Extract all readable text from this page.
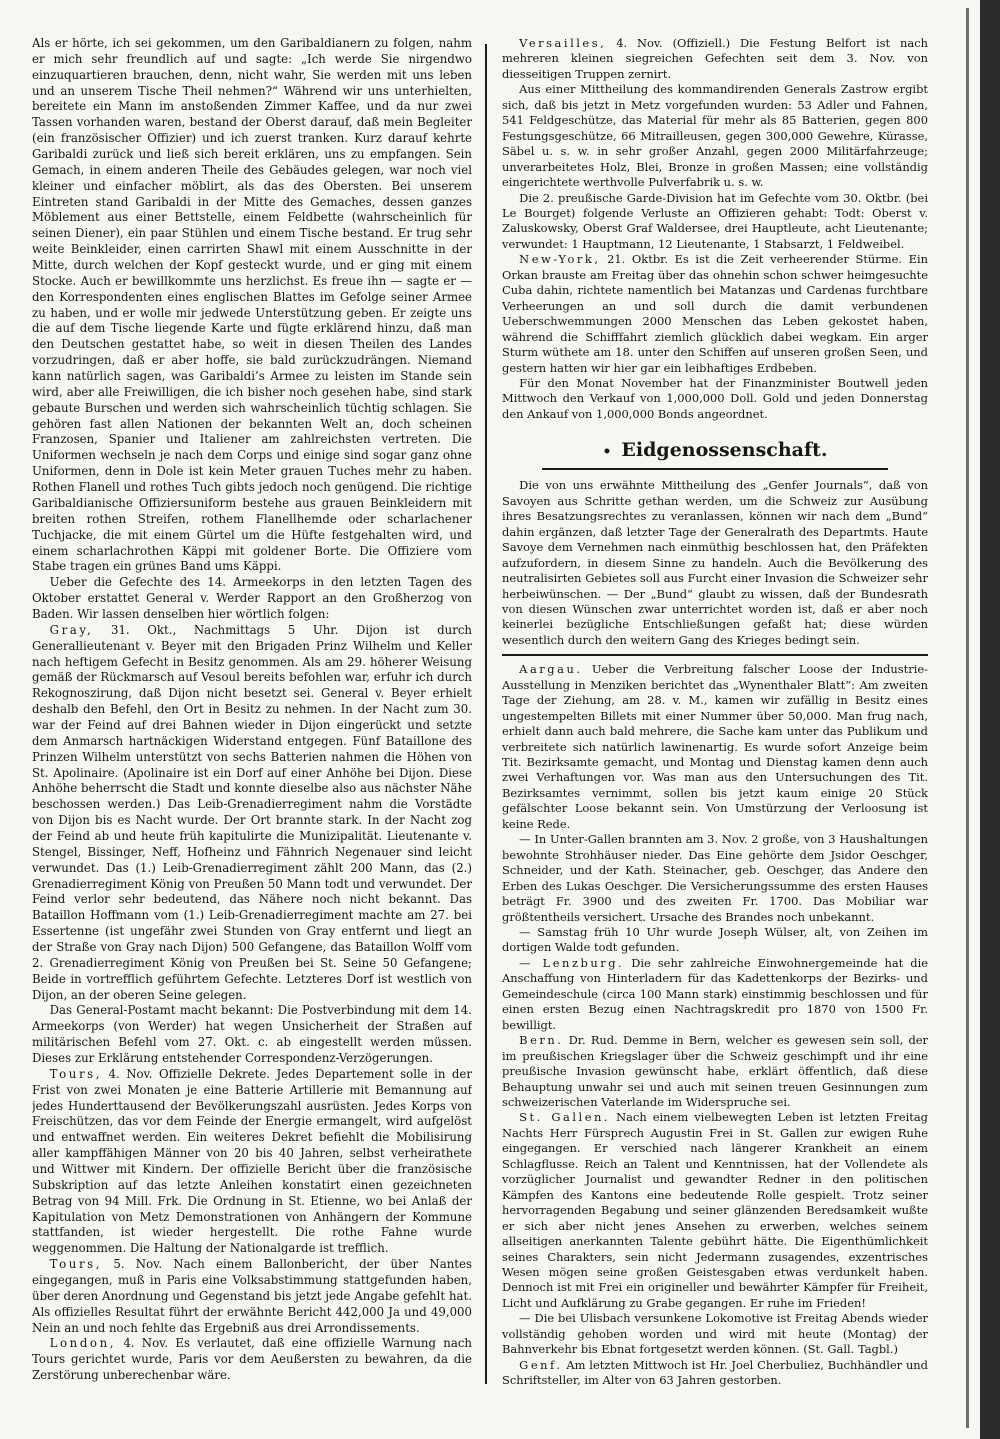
Als er hörte, ich sei gekommen, um den Garibaldianern zu folgen, nahm er mich sehr freundlich auf und sagte: „Ich werde Sie nirgendwo einzuquartieren brauchen, denn, nicht wahr, Sie werden mit uns leben und an unserem Tische Theil nehmen?“ Während wir uns unterhielten, bereitete ein Mann im anstoßenden Zimmer Kaffee, und da nur zwei Tassen vorhanden waren, bestand der Oberst darauf, daß mein Begleiter (ein französischer Offizier) und ich zuerst tranken. Kurz darauf kehrte Garibaldi zurück und ließ sich bereit erklären, uns zu empfangen. Sein Gemach, in einem anderen Theile des Gebäudes gelegen, war noch viel kleiner und einfacher möblirt, als das des Obersten. Bei unserem Eintreten stand Garibaldi in der Mitte des Gemaches, dessen ganzes Möblement aus einer Bettstelle, einem Feldbette (wahrscheinlich für seinen Diener), ein paar Stühlen und einem Tische bestand. Er trug sehr weite Beinkleider, einen carrirten Shawl mit einem Ausschnitte in der Mitte, durch welchen der Kopf gesteckt wurde, und er ging mit einem Stocke. Auch er bewillkommte uns herzlichst. Es freue ihn — sagte er — den Korrespondenten eines englischen Blattes im Gefolge seiner Armee zu haben, und er wolle mir jedwede Unterstützung geben. Er zeigte uns die auf dem Tische liegende Karte und fügte erklärend hinzu, daß man den Deutschen gestattet habe, so weit in diesen Theilen des Landes vorzudringen, daß er aber hoffe, sie bald zurückzudrängen. Niemand kann natürlich sagen, was Garibaldi’s Armee zu leisten im Stande sein wird, aber alle Freiwilligen, die ich bisher noch gesehen habe, sind stark gebaute Burschen und werden sich wahrscheinlich tüchtig schlagen. Sie gehören fast allen Nationen der bekannten Welt an, doch scheinen Franzosen, Spanier und Italiener am zahlreichsten vertreten. Die Uniformen wechseln je nach dem Corps und einige sind sogar ganz ohne Uniformen, denn in Dole ist kein Meter grauen Tuches mehr zu haben. Rothen Flanell und rothes Tuch gibts jedoch noch genügend. Die richtige Garibaldianische Offiziersuniform bestehe aus grauen Beinkleidern mit breiten rothen Streifen, rothem Flanellhemde oder scharlachener Tuchjacke, die mit einem Gürtel um die Hüfte festgehalten wird, und einem scharlachrothen Käppi mit goldener Borte. Die Offiziere vom Stabe tragen ein grünes Band ums Käppi.

Ueber die Gefechte des 14. Armeekorps in den letzten Tagen des Oktober erstattet General v. Werder Rapport an den Großherzog von Baden. Wir lassen denselben hier wörtlich folgen:

Gray, 31. Okt., Nachmittags 5 Uhr. Dijon ist durch Generallieutenant v. Beyer mit den Brigaden Prinz Wilhelm und Keller nach heftigem Gefecht in Besitz genommen. Als am 29. höherer Weisung gemäß der Rückmarsch auf Vesoul bereits befohlen war, erfuhr ich durch Rekognoszirung, daß Dijon nicht besetzt sei. General v. Beyer erhielt deshalb den Befehl, den Ort in Besitz zu nehmen. In der Nacht zum 30. war der Feind auf drei Bahnen wieder in Dijon eingerückt und setzte dem Anmarsch hartnäckigen Widerstand entgegen. Fünf Bataillone des Prinzen Wilhelm unterstützt von sechs Batterien nahmen die Höhen von St. Apolinaire. (Apolinaire ist ein Dorf auf einer Anhöhe bei Dijon. Diese Anhöhe beherrscht die Stadt und konnte dieselbe also aus nächster Nähe beschossen werden.) Das Leib-Grenadierregiment nahm die Vorstädte von Dijon bis es Nacht wurde. Der Ort brannte stark. In der Nacht zog der Feind ab und heute früh kapitulirte die Munizipalität. Lieutenante v. Stengel, Bissinger, Neff, Hofheinz und Fähnrich Negenauer sind leicht verwundet. Das (1.) Leib-Grenadierregiment zählt 200 Mann, das (2.) Grenadierregiment König von Preußen 50 Mann todt und verwundet. Der Feind verlor sehr bedeutend, das Nähere noch nicht bekannt. Das Bataillon Hoffmann vom (1.) Leib-Grenadierregiment machte am 27. bei Essertenne (ist ungefähr zwei Stunden von Gray entfernt und liegt an der Straße von Gray nach Dijon) 500 Gefangene, das Bataillon Wolff vom 2. Grenadierregiment König von Preußen bei St. Seine 50 Gefangene; Beide in vortrefflich geführtem Gefechte. Letzteres Dorf ist westlich von Dijon, an der oberen Seine gelegen.

Das General-Postamt macht bekannt: Die Postverbindung mit dem 14. Armeekorps (von Werder) hat wegen Unsicherheit der Straßen auf militärischen Befehl vom 27. Okt. c. ab eingestellt werden müssen. Dieses zur Erklärung entstehender Correspondenz-Verzögerungen.

Tours, 4. Nov. Offizielle Dekrete. Jedes Departement solle in der Frist von zwei Monaten je eine Batterie Artillerie mit Bemannung auf jedes Hunderttausend der Bevölkerungszahl ausrüsten. Jedes Korps von Freischützen, das vor dem Feinde der Energie ermangelt, wird aufgelöst und entwaffnet werden. Ein weiteres Dekret befiehlt die Mobilisirung aller kampffähigen Männer von 20 bis 40 Jahren, selbst verheirathete und Wittwer mit Kindern. Der offizielle Bericht über die französische Subskription auf das letzte Anleihen konstatirt einen gezeichneten Betrag von 94 Mill. Frk. Die Ordnung in St. Etienne, wo bei Anlaß der Kapitulation von Metz Demonstrationen von Anhängern der Kommune stattfanden, ist wieder hergestellt. Die rothe Fahne wurde weggenommen. Die Haltung der Nationalgarde ist trefflich.

Tours, 5. Nov. Nach einem Ballonbericht, der über Nantes eingegangen, muß in Paris eine Volksabstimmung stattgefunden haben, über deren Anordnung und Gegenstand bis jetzt jede Angabe gefehlt hat. Als offizielles Resultat führt der erwähnte Bericht 442,000 Ja und 49,000 Nein an und noch fehlte das Ergebniß aus drei Arrondissements.

London, 4. Nov. Es verlautet, daß eine offizielle Warnung nach Tours gerichtet wurde, Paris vor dem Aeußersten zu bewahren, da die Zerstörung unberechenbar wäre.

Versailles, 4. Nov. (Offiziell.) Die Festung Belfort ist nach mehreren kleinen siegreichen Gefechten seit dem 3. Nov. von diesseitigen Truppen zernirt.

Aus einer Mittheilung des kommandirenden Generals Zastrow ergibt sich, daß bis jetzt in Metz vorgefunden wurden: 53 Adler und Fahnen, 541 Feldgeschütze, das Material für mehr als 85 Batterien, gegen 800 Festungsgeschütze, 66 Mitrailleusen, gegen 300,000 Gewehre, Kürasse, Säbel u. s. w. in sehr großer Anzahl, gegen 2000 Militärfahrzeuge; unverarbeitetes Holz, Blei, Bronze in großen Massen; eine vollständig eingerichtete werthvolle Pulverfabrik u. s. w.

Die 2. preußische Garde-Division hat im Gefechte vom 30. Oktbr. (bei Le Bourget) folgende Verluste an Offizieren gehabt: Todt: Oberst v. Zaluskowsky, Oberst Graf Waldersee, drei Hauptleute, acht Lieutenante; verwundet: 1 Hauptmann, 12 Lieutenante, 1 Stabsarzt, 1 Feldweibel.

New-York, 21. Oktbr. Es ist die Zeit verheerender Stürme. Ein Orkan brauste am Freitag über das ohnehin schon schwer heimgesuchte Cuba dahin, richtete namentlich bei Matanzas und Cardenas furchtbare Verheerungen an und soll durch die damit verbundenen Ueberschwemmungen 2000 Menschen das Leben gekostet haben, während die Schifffahrt ziemlich glücklich dabei wegkam. Ein arger Sturm wüthete am 18. unter den Schiffen auf unseren großen Seen, und gestern hatten wir hier gar ein leibhaftiges Erdbeben.

Für den Monat November hat der Finanzminister Boutwell jeden Mittwoch den Verkauf von 1,000,000 Doll. Gold und jeden Donnerstag den Ankauf von 1,000,000 Bonds angeordnet.

• Eidgenossenschaft.

Die von uns erwähnte Mittheilung des „Genfer Journals“, daß von Savoyen aus Schritte gethan werden, um die Schweiz zur Ausübung ihres Besatzungsrechtes zu veranlassen, können wir nach dem „Bund“ dahin ergänzen, daß letzter Tage der Generalrath des Departmts. Haute Savoye dem Vernehmen nach einmüthig beschlossen hat, den Präfekten aufzufordern, in diesem Sinne zu handeln. Auch die Bevölkerung des neutralisirten Gebietes soll aus Furcht einer Invasion die Schweizer sehr herbeiwünschen. — Der „Bund“ glaubt zu wissen, daß der Bundesrath von diesen Wünschen zwar unterrichtet worden ist, daß er aber noch keinerlei bezügliche Entschließungen gefaßt hat; diese würden wesentlich durch den weitern Gang des Krieges bedingt sein.

Aargau. Ueber die Verbreitung falscher Loose der Industrie-Ausstellung in Menziken berichtet das „Wynenthaler Blatt“: Am zweiten Tage der Ziehung, am 28. v. M., kamen wir zufällig in Besitz eines ungestempelten Billets mit einer Nummer über 50,000. Man frug nach, erhielt dann auch bald mehrere, die Sache kam unter das Publikum und verbreitete sich natürlich lawinenartig. Es wurde sofort Anzeige beim Tit. Bezirksamte gemacht, und Montag und Dienstag kamen denn auch zwei Verhaftungen vor. Was man aus den Untersuchungen des Tit. Bezirksamtes vernimmt, sollen bis jetzt kaum einige 20 Stück gefälschter Loose bekannt sein. Von Umstürzung der Verloosung ist keine Rede.

— In Unter-Gallen brannten am 3. Nov. 2 große, von 3 Haushaltungen bewohnte Strohhäuser nieder. Das Eine gehörte dem Jsidor Oeschger, Schneider, und der Kath. Steinacher, geb. Oeschger, das Andere den Erben des Lukas Oeschger. Die Versicherungssumme des ersten Hauses beträgt Fr. 3900 und des zweiten Fr. 1700. Das Mobiliar war größtentheils versichert. Ursache des Brandes noch unbekannt.

— Samstag früh 10 Uhr wurde Joseph Wülser, alt, von Zeihen im dortigen Walde todt gefunden.

— Lenzburg. Die sehr zahlreiche Einwohnergemeinde hat die Anschaffung von Hinterladern für das Kadettenkorps der Bezirks- und Gemeindeschule (circa 100 Mann stark) einstimmig beschlossen und für einen ersten Bezug einen Nachtragskredit pro 1870 von 1500 Fr. bewilligt.

Bern. Dr. Rud. Demme in Bern, welcher es gewesen sein soll, der im preußischen Kriegslager über die Schweiz geschimpft und ihr eine preußische Invasion gewünscht habe, erklärt öffentlich, daß diese Behauptung unwahr sei und auch mit seinen treuen Gesinnungen zum schweizerischen Vaterlande im Widerspruche sei.

St. Gallen. Nach einem vielbewegten Leben ist letzten Freitag Nachts Herr Fürsprech Augustin Frei in St. Gallen zur ewigen Ruhe eingegangen. Er verschied nach längerer Krankheit an einem Schlagflusse. Reich an Talent und Kenntnissen, hat der Vollendete als vorzüglicher Journalist und gewandter Redner in den politischen Kämpfen des Kantons eine bedeutende Rolle gespielt. Trotz seiner hervorragenden Begabung und seiner glänzenden Beredsamkeit wußte er sich aber nicht jenes Ansehen zu erwerben, welches seinem allseitigen anerkannten Talente gebührt hätte. Die Eigenthümlichkeit seines Charakters, sein nicht Jedermann zusagendes, exzentrisches Wesen mögen seine großen Geistesgaben etwas verdunkelt haben. Dennoch ist mit Frei ein origineller und bewährter Kämpfer für Freiheit, Licht und Aufklärung zu Grabe gegangen. Er ruhe im Frieden!

— Die bei Ulisbach versunkene Lokomotive ist Freitag Abends wieder vollständig gehoben worden und wird mit heute (Montag) der Bahnverkehr bis Ebnat fortgesetzt werden können. (St. Gall. Tagbl.)

Genf. Am letzten Mittwoch ist Hr. Joel Cherbuliez, Buchhändler und Schriftsteller, im Alter von 63 Jahren gestorben.
